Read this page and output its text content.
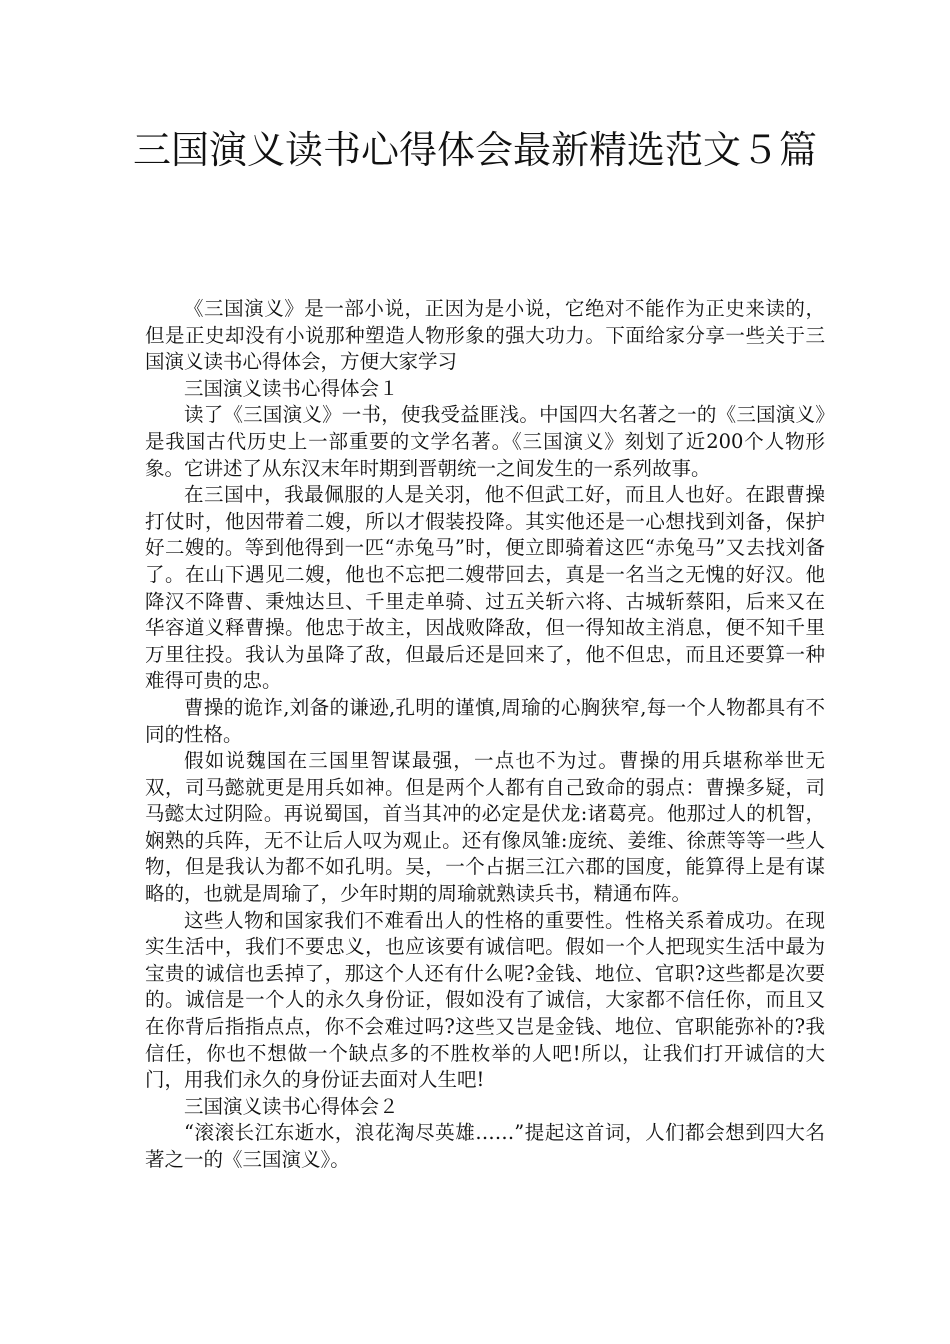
三国演义读书心得体会最新精选范文５篇

《三国演义》是一部小说，正因为是小说，它绝对不能作为正史来读的，但是正史却没有小说那种塑造人物形象的强大功力。下面给家分享一些关于三国演义读书心得体会，方便大家学习

三国演义读书心得体会１

读了《三国演义》一书，使我受益匪浅。中国四大名著之一的《三国演义》是我国古代历史上一部重要的文学名著。《三国演义》刻划了近200个人物形象。它讲述了从东汉末年时期到晋朝统一之间发生的一系列故事。

在三国中，我最佩服的人是关羽，他不但武工好，而且人也好。在跟曹操打仗时，他因带着二嫂，所以才假装投降。其实他还是一心想找到刘备，保护好二嫂的。等到他得到一匹“赤兔马”时，便立即骑着这匹“赤兔马”又去找刘备了。在山下遇见二嫂，他也不忘把二嫂带回去，真是一名当之无愧的好汉。他降汉不降曹、秉烛达旦、千里走单骑、过五关斩六将、古城斩蔡阳，后来又在华容道义释曹操。他忠于故主，因战败降敌，但一得知故主消息，便不知千里万里往投。我认为虽降了敌，但最后还是回来了，他不但忠，而且还要算一种难得可贵的忠。

曹操的诡诈,刘备的谦逊,孔明的谨慎,周瑜的心胸狭窄,每一个人物都具有不同的性格。

假如说魏国在三国里智谋最强，一点也不为过。曹操的用兵堪称举世无双，司马懿就更是用兵如神。但是两个人都有自己致命的弱点：曹操多疑，司马懿太过阴险。再说蜀国，首当其冲的必定是伏龙:诸葛亮。他那过人的机智，娴熟的兵阵，无不让后人叹为观止。还有像凤雏:庞统、姜维、徐蔗等等一些人物，但是我认为都不如孔明。吴，一个占据三江六郡的国度，能算得上是有谋略的，也就是周瑜了，少年时期的周瑜就熟读兵书，精通布阵。

这些人物和国家我们不难看出人的性格的重要性。性格关系着成功。在现实生活中，我们不要忠义，也应该要有诚信吧。假如一个人把现实生活中最为宝贵的诚信也丢掉了，那这个人还有什么呢?金钱、地位、官职?这些都是次要的。诚信是一个人的永久身份证，假如没有了诚信，大家都不信任你，而且又在你背后指指点点，你不会难过吗?这些又岂是金钱、地位、官职能弥补的?我信任，你也不想做一个缺点多的不胜枚举的人吧!所以，让我们打开诚信的大门，用我们永久的身份证去面对人生吧!

三国演义读书心得体会２

“滚滚长江东逝水，浪花淘尽英雄……”提起这首词，人们都会想到四大名著之一的《三国演义》。
